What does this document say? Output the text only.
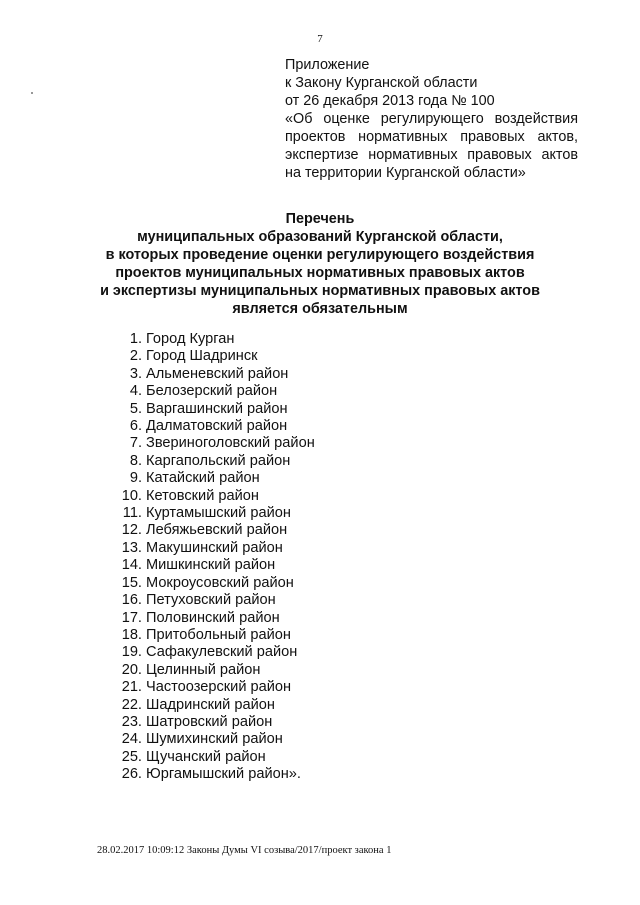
7
Приложение
к Закону Курганской области
от 26 декабря 2013 года № 100
«Об оценке регулирующего воздействия
проектов нормативных правовых актов,
экспертизе нормативных правовых актов
на территории Курганской области»
Перечень
муниципальных образований Курганской области,
в которых проведение оценки регулирующего воздействия
проектов муниципальных нормативных правовых актов
и экспертизы муниципальных нормативных правовых актов
является обязательным
1. Город Курган
2. Город Шадринск
3. Альменевский район
4. Белозерский район
5. Варгашинский район
6. Далматовский район
7. Звериноголовский район
8. Каргапольский район
9. Катайский район
10. Кетовский район
11. Куртамышский район
12. Лебяжьевский район
13. Макушинский район
14. Мишкинский район
15. Мокроусовский район
16. Петуховский район
17. Половинский район
18. Притобольный район
19. Сафакулевский район
20. Целинный район
21. Частоозерский район
22. Шадринский район
23. Шатровский район
24. Шумихинский район
25. Щучанский район
26. Юргамышский район».
28.02.2017 10:09:12 Законы Думы VI созыва/2017/проект закона 1
